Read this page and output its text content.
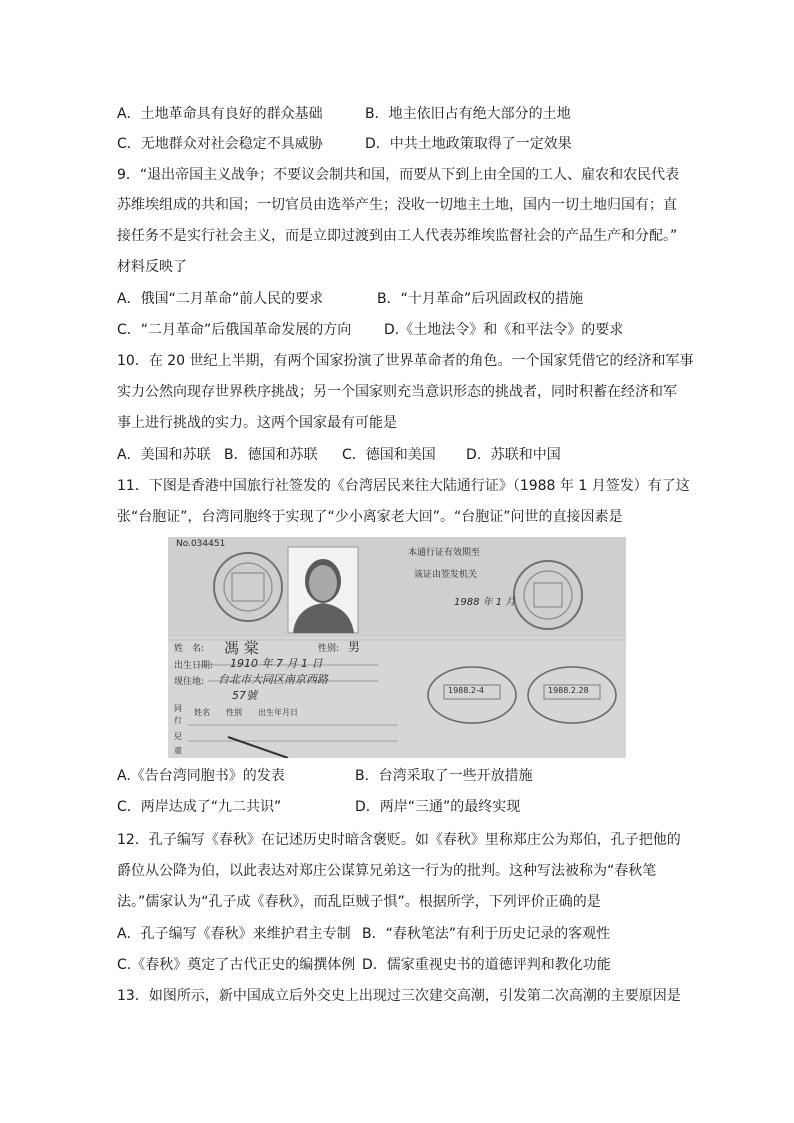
A．土地革命具有良好的群众基础	B．地主依旧占有绝大部分的土地
C．无地群众对社会稳定不具威胁	D．中共土地政策取得了一定效果
9．“退出帝国主义战争；不要议会制共和国，而要从下到上由全国的工人、雇农和农民代表
苏维埃组成的共和国；一切官员由选举产生；没收一切地主土地，国内一切土地归国有；直
接任务不是实行社会主义，而是立即过渡到由工人代表苏维埃监督社会的产品生产和分配。”
材料反映了
A．俄国“二月革命”前人民的要求	B．“十月革命”后巩固政权的措施
C．“二月革命”后俄国革命发展的方向 D.《土地法令》和《和平法令》的要求
10．在 20 世纪上半期，有两个国家扮演了世界革命者的角色。一个国家凭借它的经济和军事
实力公然向现存世界秩序挑战；另一个国家则充当意识形态的挑战者，同时积蓄在经济和军
事上进行挑战的实力。这两个国家最有可能是
A．美国和苏联 B．德国和苏联 C．德国和美国 D．苏联和中国
11．下图是香港中国旅行社签发的《台湾居民来往大陆通行证》（1988 年 1 月签发）有了这
张“台胞证”，台湾同胞终于实现了“少小离家老大回”。“台胞证”问世的直接因素是
No.034451
本通行证有效期至
该证由签发机关
1988 年 1 月
姓　名: 馮 棠	性别: 男
出生日期: 1910 年 7 月 1 日
现住地: 台北市大同区南京西路
57號	1988.2-4	1988.2.28
姓名　　性别　　出生年月日
同
行
兒
童
A.《告台湾同胞书》的发表	B．台湾采取了一些开放措施
C．两岸达成了“九二共识”	D．两岸“三通”的最终实现
12．孔子编写《春秋》在记述历史时暗含褒贬。如《春秋》里称郑庄公为郑伯，孔子把他的
爵位从公降为伯，以此表达对郑庄公谋算兄弟这一行为的批判。这种写法被称为“春秋笔
法。”儒家认为“孔子成《春秋》，而乱臣贼子惧”。根据所学，下列评价正确的是
A．孔子编写《春秋》来维护君主专制 B．“春秋笔法”有利于历史记录的客观性
C.《春秋》奠定了古代正史的编撰体例 D．儒家重视史书的道德评判和教化功能
13．如图所示，新中国成立后外交史上出现过三次建交高潮，引发第二次高潮的主要原因是
